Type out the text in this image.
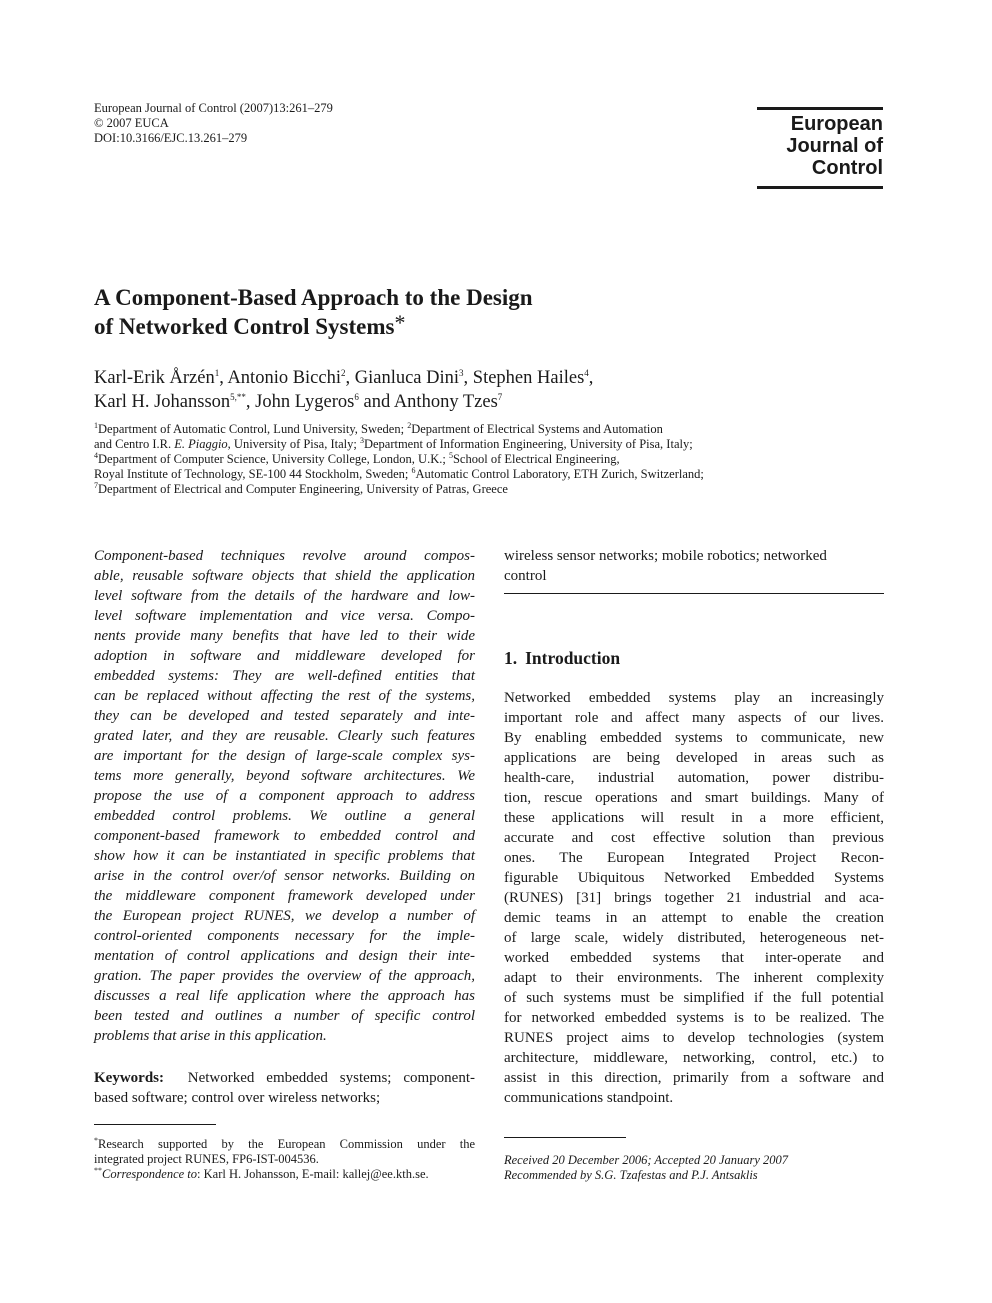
European Journal of Control (2007)13:261–279
© 2007 EUCA
DOI:10.3166/EJC.13.261–279
European
Journal of
Control
A Component-Based Approach to the Design
of Networked Control Systems*
Karl-Erik Årzén$^1$, Antonio Bicchi$^2$, Gianluca Dini$^3$, Stephen Hailes$^4$,
Karl H. Johansson$^{5,**}$, John Lygeros$^6$ and Anthony Tzes$^7$
$^1$Department of Automatic Control, Lund University, Sweden; $^2$Department of Electrical Systems and Automation
and Centro I.R. E. Piaggio, University of Pisa, Italy; $^3$Department of Information Engineering, University of Pisa, Italy;
$^4$Department of Computer Science, University College, London, U.K.; $^5$School of Electrical Engineering,
Royal Institute of Technology, SE-100 44 Stockholm, Sweden; $^6$Automatic Control Laboratory, ETH Zurich, Switzerland;
$^7$Department of Electrical and Computer Engineering, University of Patras, Greece
Component-based techniques revolve around compos-
able, reusable software objects that shield the application
level software from the details of the hardware and low-
level software implementation and vice versa. Compo-
nents provide many benefits that have led to their wide
adoption in software and middleware developed for
embedded systems: They are well-defined entities that
can be replaced without affecting the rest of the systems,
they can be developed and tested separately and inte-
grated later, and they are reusable. Clearly such features
are important for the design of large-scale complex sys-
tems more generally, beyond software architectures. We
propose the use of a component approach to address
embedded control problems. We outline a general
component-based framework to embedded control and
show how it can be instantiated in specific problems that
arise in the control over/of sensor networks. Building on
the middleware component framework developed under
the European project RUNES, we develop a number of
control-oriented components necessary for the imple-
mentation of control applications and design their inte-
gration. The paper provides the overview of the approach,
discusses a real life application where the approach has
been tested and outlines a number of specific control
problems that arise in this application.
Keywords: Networked embedded systems; component-
based software; control over wireless networks;

*Research supported by the European Commission under the

integrated project RUNES, FP6-IST-004536.

**Correspondence to: Karl H. Johansson, E-mail: kallej@ee.kth.se.

wireless sensor networks; mobile robotics; networked
control
1. Introduction
Networked embedded systems play an increasingly
important role and affect many aspects of our lives.
By enabling embedded systems to communicate, new
applications are being developed in areas such as
health-care, industrial automation, power distribu-
tion, rescue operations and smart buildings. Many of
these applications will result in a more efficient,
accurate and cost effective solution than previous
ones. The European Integrated Project Recon-
figurable Ubiquitous Networked Embedded Systems
(RUNES) [31] brings together 21 industrial and aca-
demic teams in an attempt to enable the creation
of large scale, widely distributed, heterogeneous net-
worked embedded systems that inter-operate and
adapt to their environments. The inherent complexity
of such systems must be simplified if the full potential
for networked embedded systems is to be realized. The
RUNES project aims to develop technologies (system
architecture, middleware, networking, control, etc.) to
assist in this direction, primarily from a software and
communications standpoint.
Received 20 December 2006; Accepted 20 January 2007
Recommended by S.G. Tzafestas and P.J. Antsaklis
